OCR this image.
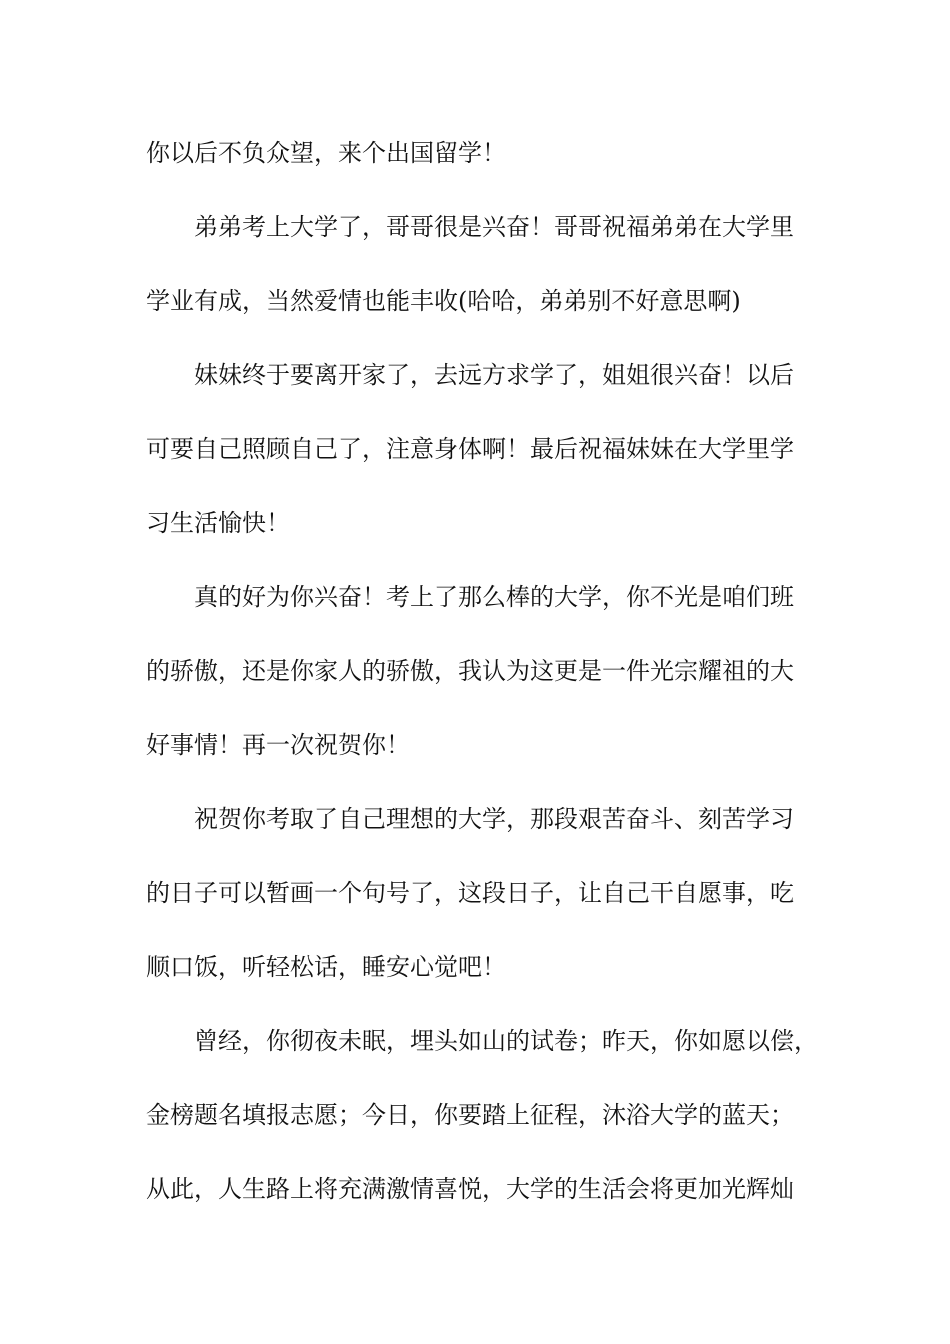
你以后不负众望，来个出国留学！
弟弟考上大学了，哥哥很是兴奋！哥哥祝福弟弟在大学里
学业有成，当然爱情也能丰收(哈哈，弟弟别不好意思啊)
妹妹终于要离开家了，去远方求学了，姐姐很兴奋！以后
可要自己照顾自己了，注意身体啊！最后祝福妹妹在大学里学
习生活愉快！
真的好为你兴奋！考上了那么棒的大学，你不光是咱们班
的骄傲，还是你家人的骄傲，我认为这更是一件光宗耀祖的大
好事情！再一次祝贺你！
祝贺你考取了自己理想的大学，那段艰苦奋斗、刻苦学习
的日子可以暂画一个句号了，这段日子，让自己干自愿事，吃
顺口饭，听轻松话，睡安心觉吧！
曾经，你彻夜未眠，埋头如山的试卷；昨天，你如愿以偿，
金榜题名填报志愿；今日，你要踏上征程，沐浴大学的蓝天；
从此，人生路上将充满激情喜悦，大学的生活会将更加光辉灿
